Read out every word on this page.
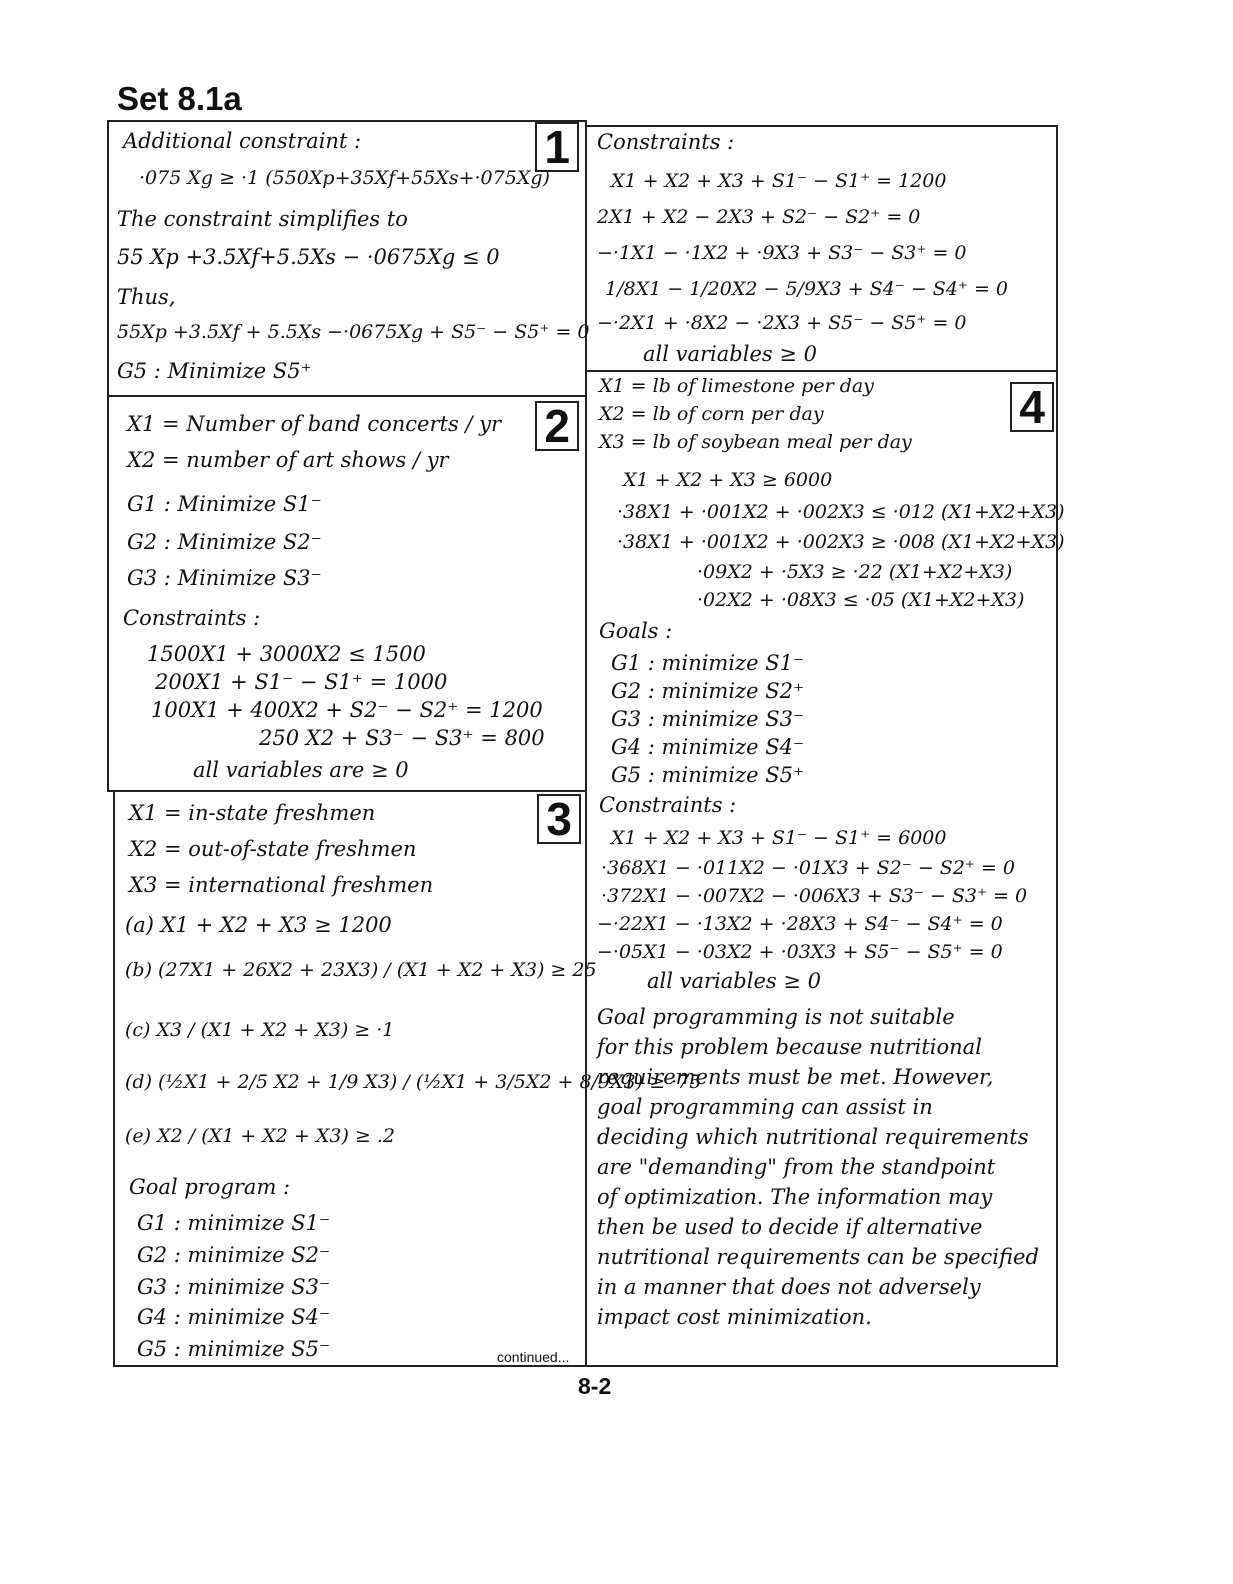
Set 8.1a
1
Additional constraint :
·075 Xg ≥ ·1 (550Xp+35Xf+55Xs+·075Xg)
The constraint simplifies to
55 Xp +3.5Xf+5.5Xs − ·0675Xg ≤ 0
Thus,
55Xp +3.5Xf + 5.5Xs −·0675Xg + S5⁻ − S5⁺ = 0
G5 : Minimize S5⁺
2
X1 = Number of band concerts / yr
X2 = number of art shows / yr
G1 : Minimize S1⁻
G2 : Minimize S2⁻
G3 : Minimize S3⁻
Constraints :
1500X1 + 3000X2 ≤ 1500
200X1 + S1⁻ − S1⁺ = 1000
100X1 + 400X2 + S2⁻ − S2⁺ = 1200
250 X2 + S3⁻ − S3⁺ = 800
all variables are ≥ 0
3
X1 = in-state freshmen
X2 = out-of-state freshmen
X3 = international freshmen
(a) X1 + X2 + X3 ≥ 1200
(b) (27X1 + 26X2 + 23X3) / (X1 + X2 + X3) ≥ 25
(c) X3 / (X1 + X2 + X3) ≥ ·1
(d) (½X1 + 2/5 X2 + 1/9 X3) / (½X1 + 3/5X2 + 8/9X3) ≥ ·75
(e) X2 / (X1 + X2 + X3) ≥ .2
Goal program :
G1 : minimize S1⁻
G2 : minimize S2⁻
G3 : minimize S3⁻
G4 : minimize S4⁻
G5 : minimize S5⁻
Constraints :
X1 + X2 + X3 + S1⁻ − S1⁺ = 1200
2X1 + X2 − 2X3 + S2⁻ − S2⁺ = 0
−·1X1 − ·1X2 + ·9X3 + S3⁻ − S3⁺ = 0
1/8X1 − 1/20X2 − 5/9X3 + S4⁻ − S4⁺ = 0
−·2X1 + ·8X2 − ·2X3 + S5⁻ − S5⁺ = 0
all variables ≥ 0
4
X1 = lb of limestone per day
X2 = lb of corn per day
X3 = lb of soybean meal per day
X1 + X2 + X3 ≥ 6000
·38X1 + ·001X2 + ·002X3 ≤ ·012 (X1+X2+X3)
·38X1 + ·001X2 + ·002X3 ≥ ·008 (X1+X2+X3)
·09X2 + ·5X3 ≥ ·22 (X1+X2+X3)
·02X2 + ·08X3 ≤ ·05 (X1+X2+X3)
Goals :
G1 : minimize S1⁻
G2 : minimize S2⁺
G3 : minimize S3⁻
G4 : minimize S4⁻
G5 : minimize S5⁺
Constraints :
X1 + X2 + X3 + S1⁻ − S1⁺ = 6000
·368X1 − ·011X2 − ·01X3 + S2⁻ − S2⁺ = 0
·372X1 − ·007X2 − ·006X3 + S3⁻ − S3⁺ = 0
−·22X1 − ·13X2 + ·28X3 + S4⁻ − S4⁺ = 0
−·05X1 − ·03X2 + ·03X3 + S5⁻ − S5⁺ = 0
all variables ≥ 0
Goal programming is not suitable
for this problem because nutritional
requirements must be met. However,
goal programming can assist in
deciding which nutritional requirements
are "demanding" from the standpoint
of optimization. The information may
then be used to decide if alternative
nutritional requirements can be specified
in a manner that does not adversely
impact cost minimization.
continued...
8-2
